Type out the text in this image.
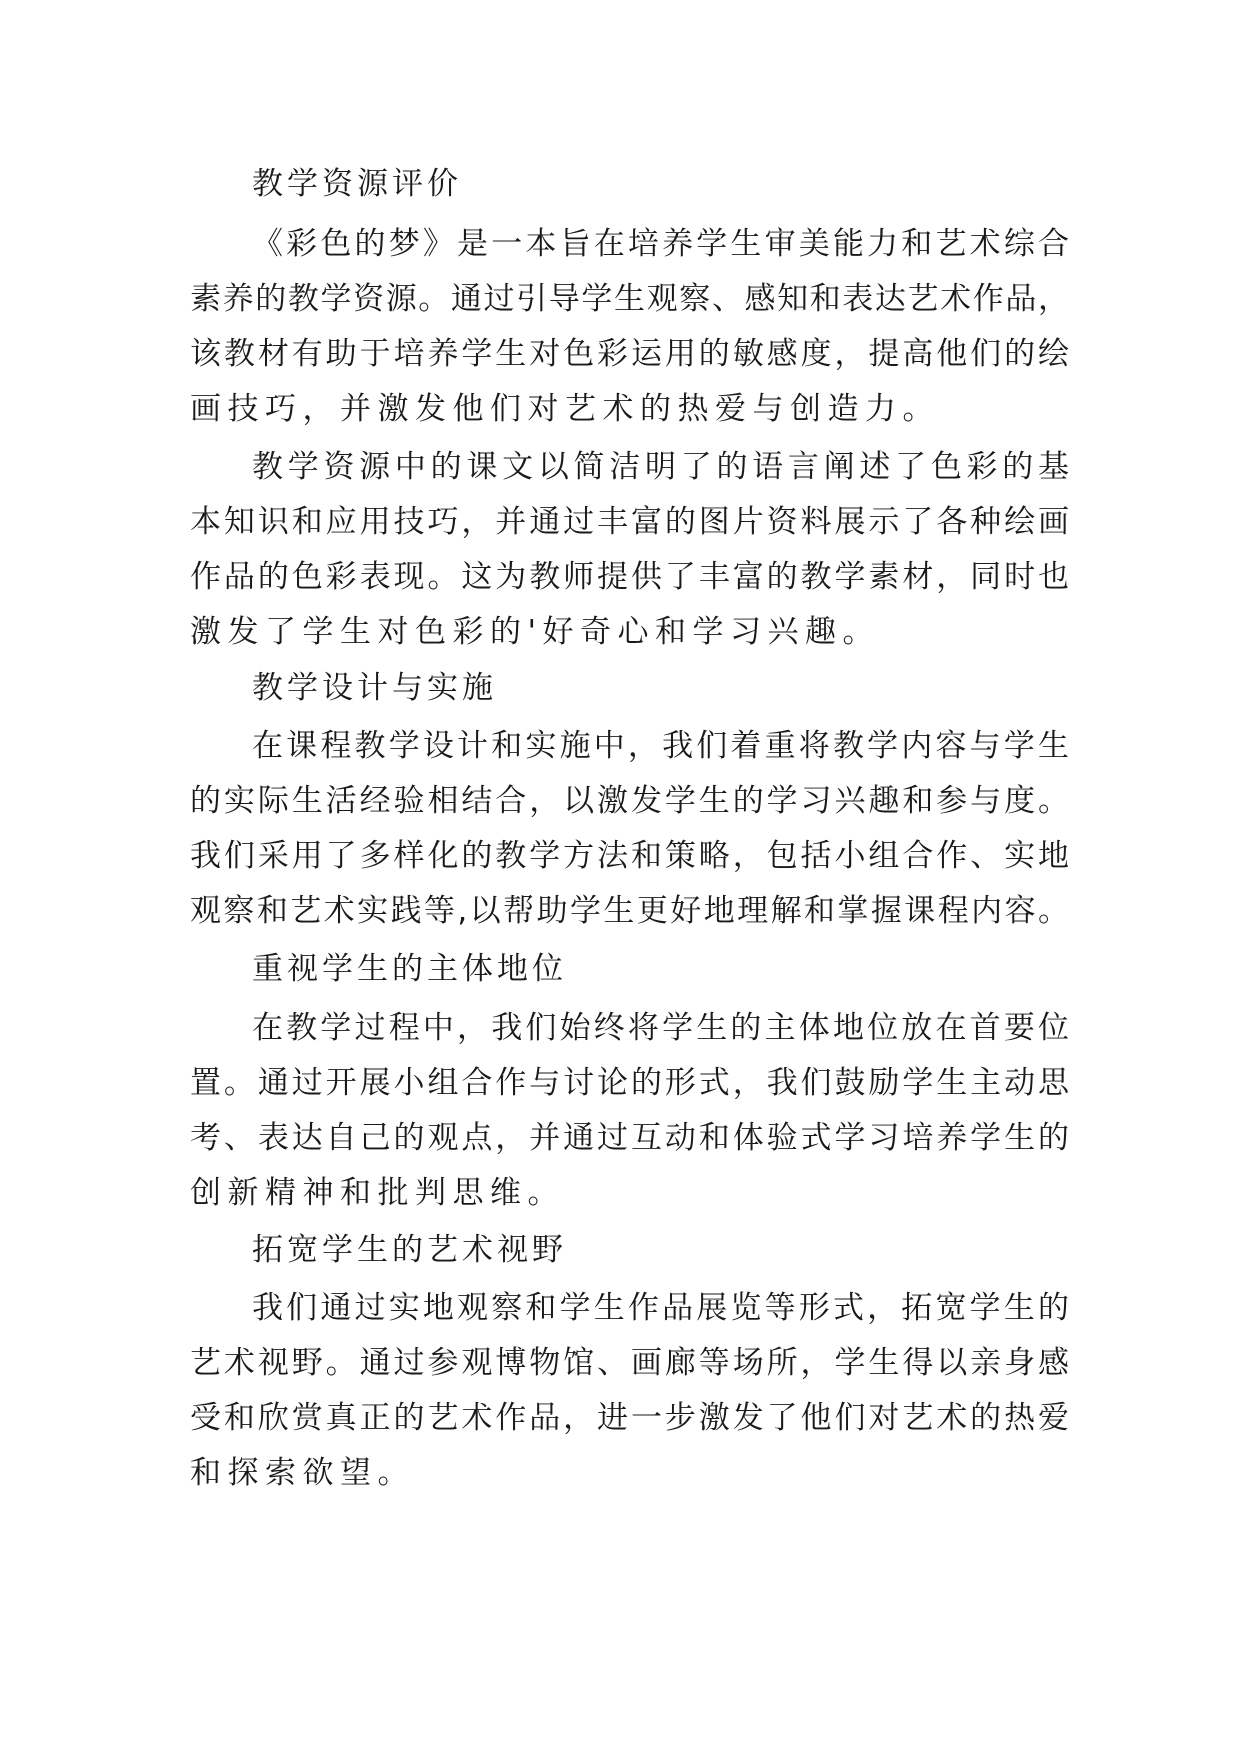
教学资源评价
《彩色的梦》是一本旨在培养学生审美能力和艺术综合
素养的教学资源。通过引导学生观察、感知和表达艺术作品，
该教材有助于培养学生对色彩运用的敏感度，提高他们的绘
画技巧，并激发他们对艺术的热爱与创造力。
教学资源中的课文以简洁明了的语言阐述了色彩的基
本知识和应用技巧，并通过丰富的图片资料展示了各种绘画
作品的色彩表现。这为教师提供了丰富的教学素材，同时也
激发了学生对色彩的'好奇心和学习兴趣。
教学设计与实施
在课程教学设计和实施中，我们着重将教学内容与学生
的实际生活经验相结合，以激发学生的学习兴趣和参与度。
我们采用了多样化的教学方法和策略，包括小组合作、实地
观察和艺术实践等,以帮助学生更好地理解和掌握课程内容。
重视学生的主体地位
在教学过程中，我们始终将学生的主体地位放在首要位
置。通过开展小组合作与讨论的形式，我们鼓励学生主动思
考、表达自己的观点，并通过互动和体验式学习培养学生的
创新精神和批判思维。
拓宽学生的艺术视野
我们通过实地观察和学生作品展览等形式，拓宽学生的
艺术视野。通过参观博物馆、画廊等场所，学生得以亲身感
受和欣赏真正的艺术作品，进一步激发了他们对艺术的热爱
和探索欲望。
